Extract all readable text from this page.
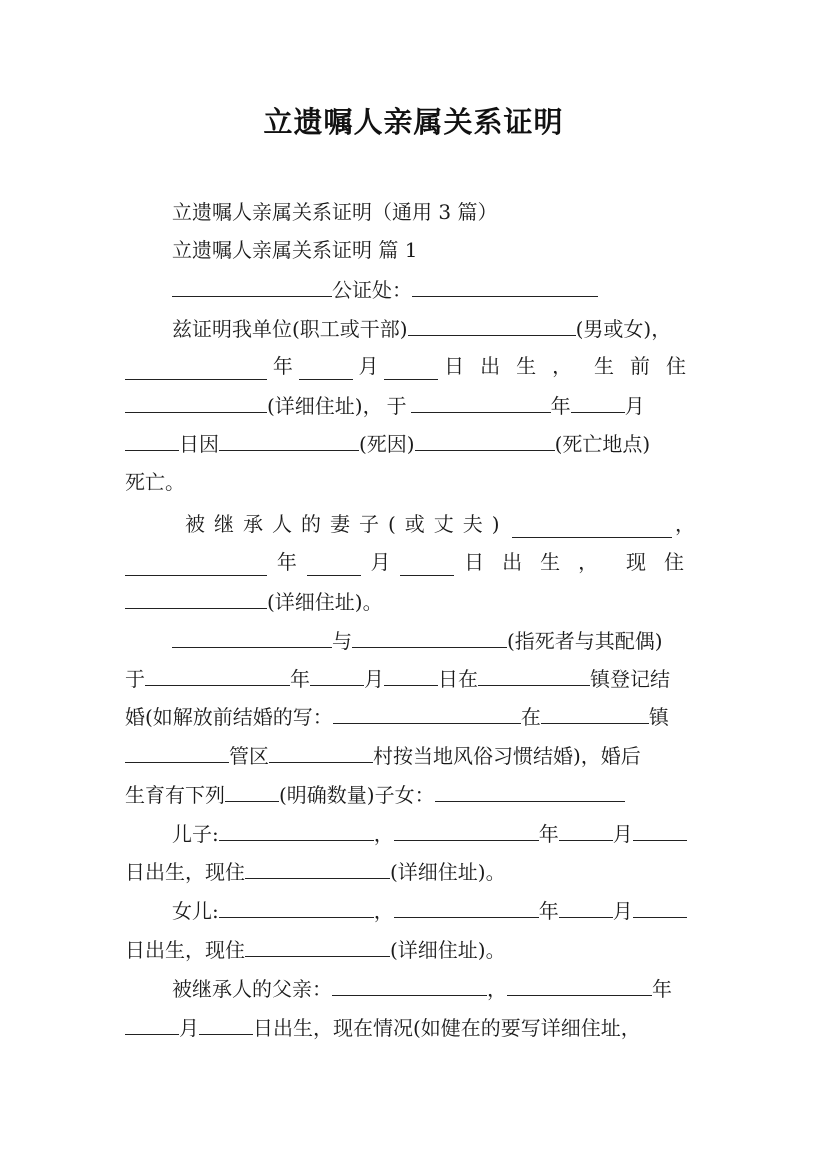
立遗嘱人亲属关系证明
立遗嘱人亲属关系证明（通用 3 篇）
立遗嘱人亲属关系证明 篇 1
公证处：
兹证明我单位(职工或干部)	(男或女)，
年	月	日出生， 生前住
(详细住址)， 于	年	月
日因	(死因)	(死亡地点)
死亡。
被继承人的妻子(或丈夫)	，
年	月	日出生， 现住
(详细住址)。
与	(指死者与其配偶)
于	年	月	日在	镇登记结
婚(如解放前结婚的写：	在	镇
管区	村按当地风俗习惯结婚)，婚后
生育有下列	(明确数量)子女：
儿子:	，	年	月
日出生，现住	(详细住址)。
女儿:	，	年	月
日出生，现住	(详细住址)。
被继承人的父亲：	，	年
月	日出生，现在情况(如健在的要写详细住址，
